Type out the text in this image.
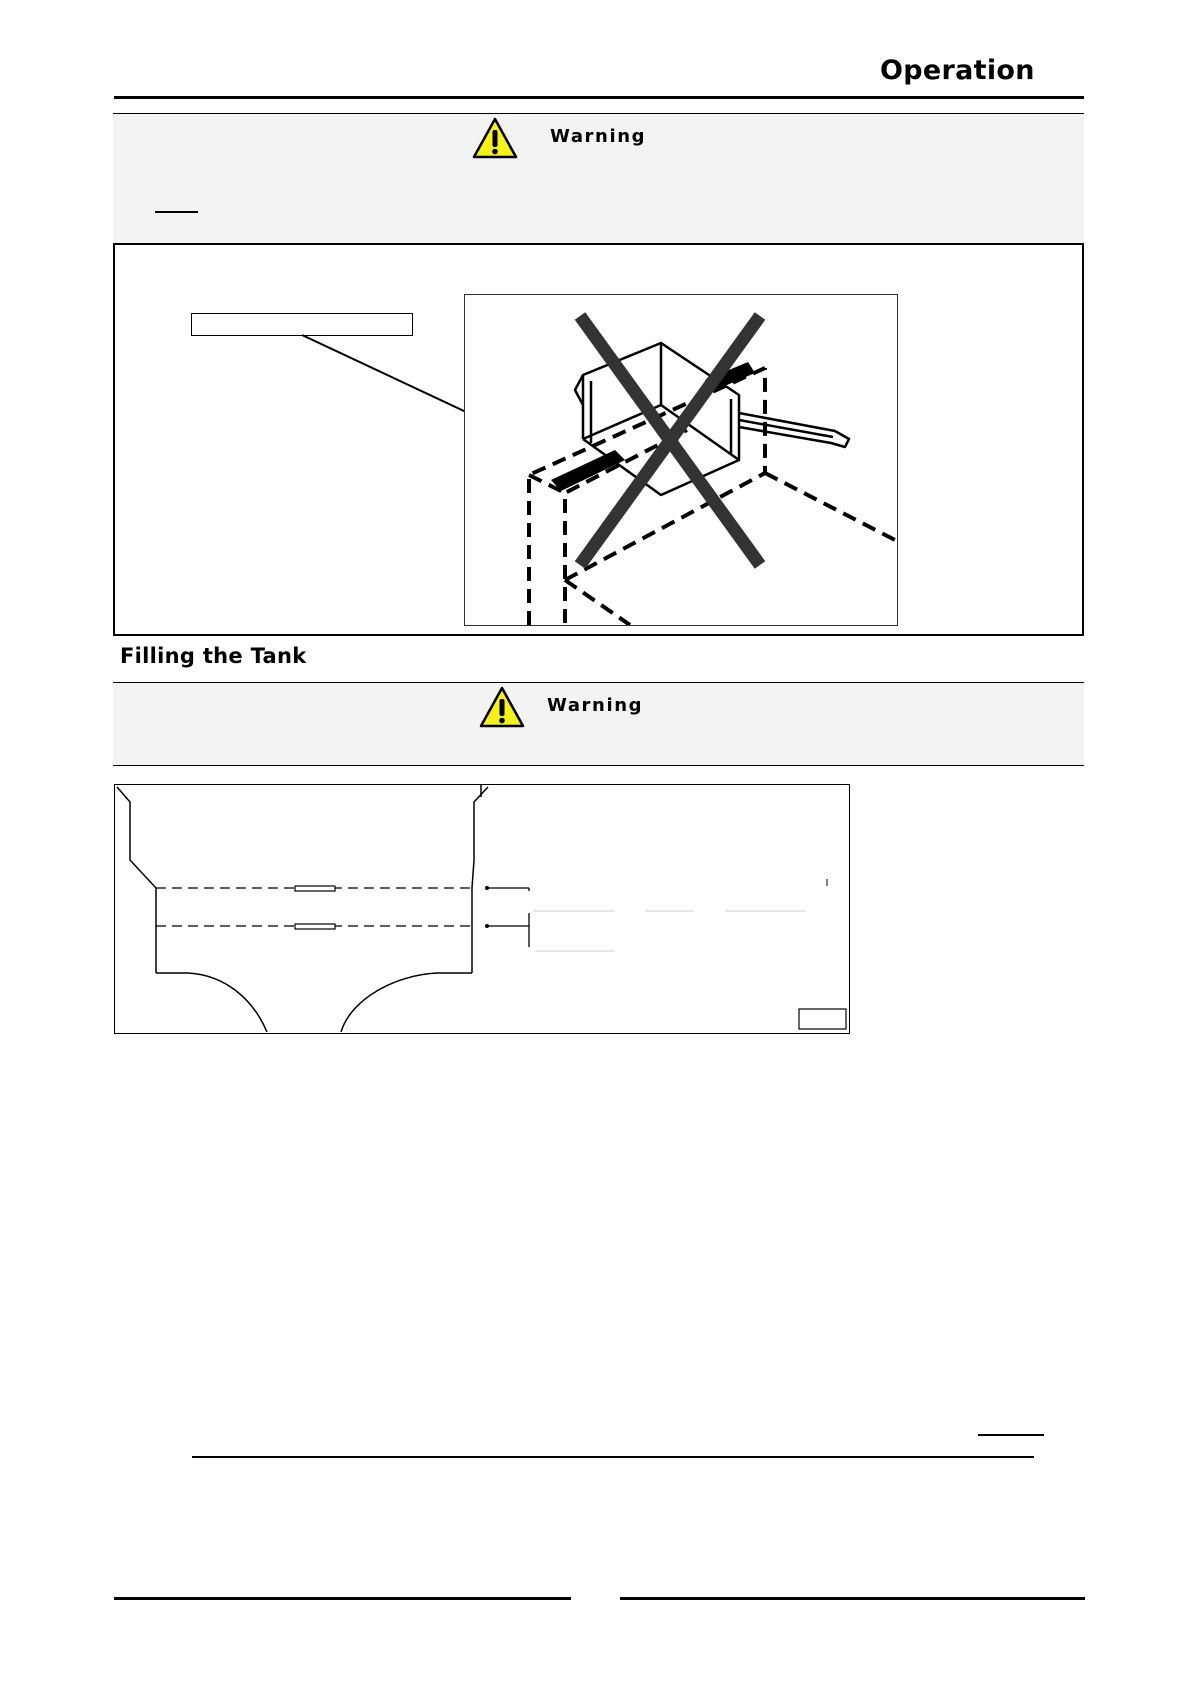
Operation
Warning
Filling the Tank
Warning
